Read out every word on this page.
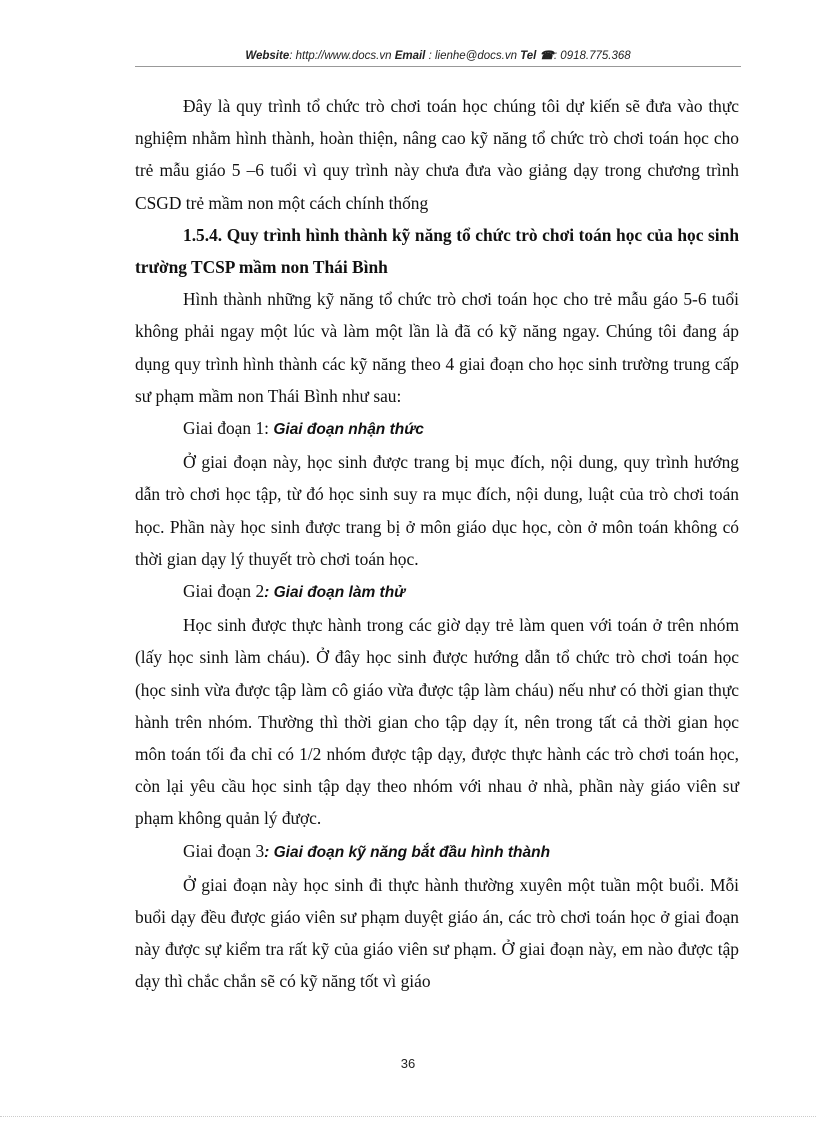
Website: http://www.docs.vn Email : lienhe@docs.vn Tel ☎: 0918.775.368

Đây là quy trình tổ chức trò chơi toán học chúng tôi dự kiến sẽ đưa vào thực nghiệm nhằm hình thành, hoàn thiện, nâng cao kỹ năng tổ chức trò chơi toán học cho trẻ mẫu giáo 5 –6 tuổi vì quy trình này chưa đưa vào giảng dạy trong chương trình CSGD trẻ mầm non một cách chính thống

1.5.4. Quy trình hình thành kỹ năng tổ chức trò chơi toán học của học sinh trường TCSP mầm non Thái Bình

Hình thành những kỹ năng tổ chức trò chơi toán học cho trẻ mẫu gáo 5-6 tuổi không phải ngay một lúc và làm một lần là đã có kỹ năng ngay. Chúng tôi đang áp dụng quy trình hình thành các kỹ năng theo 4 giai đoạn cho học sinh trường trung cấp sư phạm mầm non Thái Bình như sau:

Giai đoạn 1: Giai đoạn nhận thức

Ở giai đoạn này, học sinh được trang bị mục đích, nội dung, quy trình hướng dẫn trò chơi học tập, từ đó học sinh suy ra mục đích, nội dung, luật của trò chơi toán học. Phần này học sinh được trang bị ở môn giáo dục học, còn ở môn toán không có thời gian dạy lý thuyết trò chơi toán học.

Giai đoạn 2: Giai đoạn làm thử

Học sinh được thực hành trong các giờ dạy trẻ làm quen với toán ở trên nhóm (lấy học sinh làm cháu). Ở đây học sinh được hướng dẫn tổ chức trò chơi toán học (học sinh vừa được tập làm cô giáo vừa được tập làm cháu) nếu như có thời gian thực hành trên nhóm. Thường thì thời gian cho tập dạy ít, nên trong tất cả thời gian học môn toán tối đa chỉ có 1/2 nhóm được tập dạy, được thực hành các trò chơi toán học, còn lại yêu cầu học sinh tập dạy theo nhóm với nhau ở nhà, phần này giáo viên sư phạm không quản lý được.

Giai đoạn 3: Giai đoạn kỹ năng bắt đầu hình thành

Ở giai đoạn này học sinh đi thực hành thường xuyên một tuần một buổi. Mỗi buổi dạy đều được giáo viên sư phạm duyệt giáo án, các trò chơi toán học ở giai đoạn này được sự kiểm tra rất kỹ của giáo viên sư phạm. Ở giai đoạn này, em nào được tập dạy thì chắc chắn sẽ có kỹ năng tốt vì giáo

36
